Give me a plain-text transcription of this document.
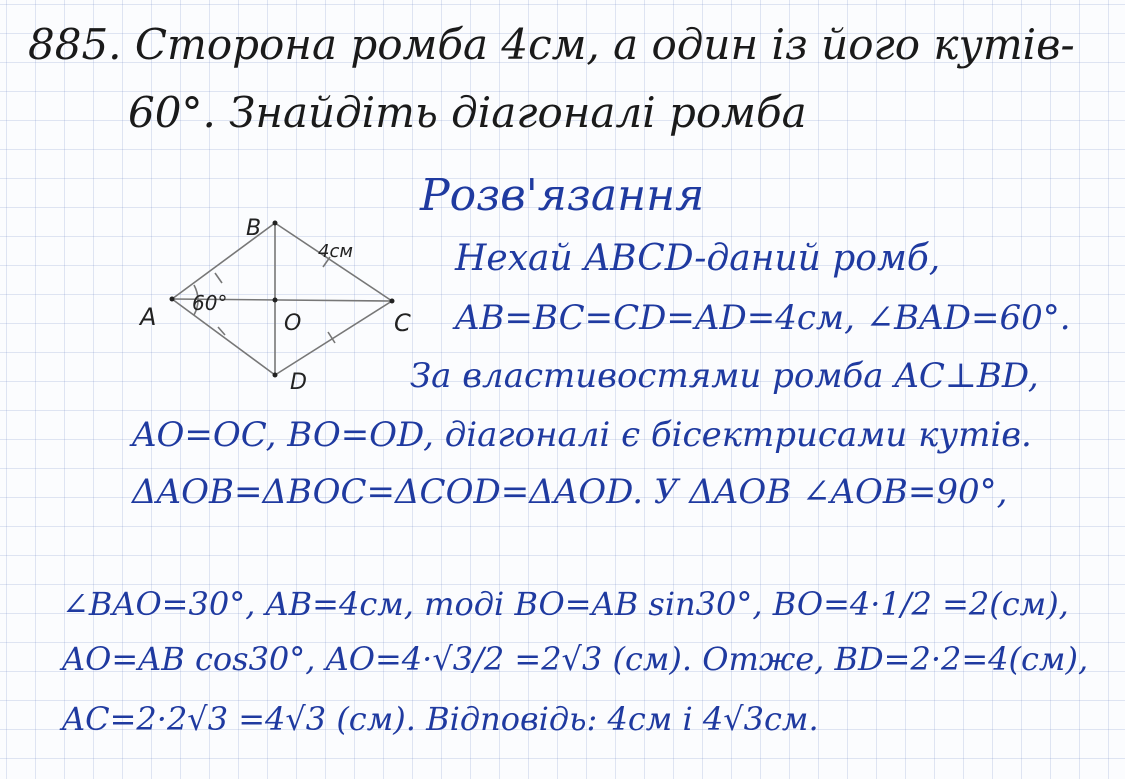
885. Сторона ромба 4см, а один із його кутів-
60°. Знайдіть діагоналі ромба
Розв'язання
A
B
C
D
O
60°
4см	Нехай ABCD-даний ромб,
AB=BC=CD=AD=4см, ∠BAD=60°.
За властивостями ромба AC⊥BD,
AO=OC, BO=OD, діагоналі є бісектрисами кутів.
ΔAOB=ΔBOC=ΔCOD=ΔAOD. У ΔAOB ∠AOB=90°,
∠BAO=30°, AB=4см, тоді BO=AB sin30°, BO=4·1/2 =2(см),
AO=AB cos30°, AO=4·√3/2 =2√3 (см). Отже, BD=2·2=4(см),
AC=2·2√3 =4√3 (см). Відповідь: 4см і 4√3см.
